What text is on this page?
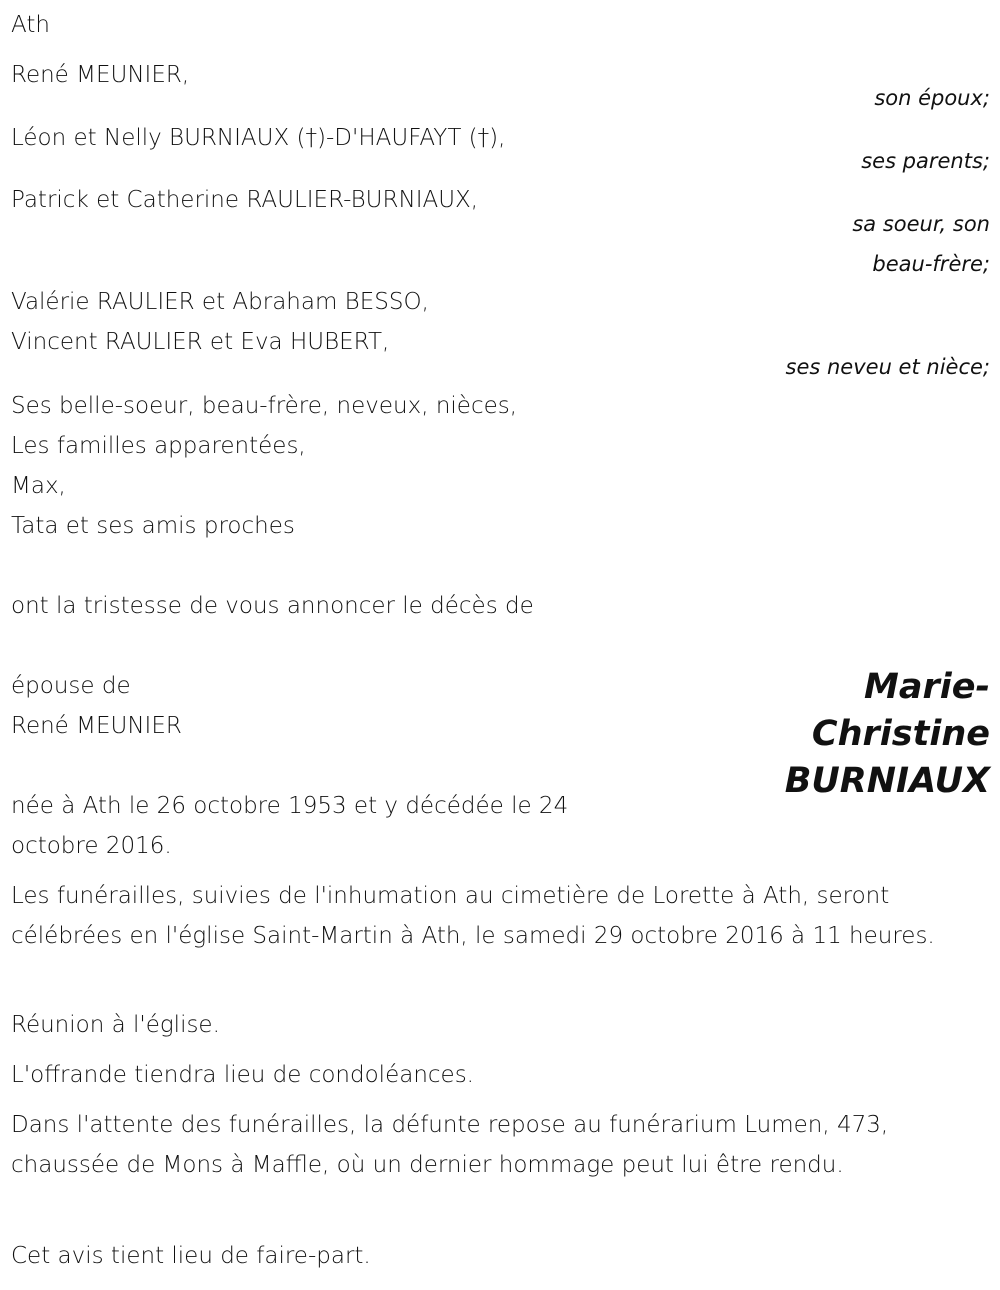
Ath
René MEUNIER,
son époux;
Léon et Nelly BURNIAUX (†)-D'HAUFAYT (†),
ses parents;
Patrick et Catherine RAULIER-BURNIAUX,
sa soeur, son
beau-frère;
Valérie RAULIER et Abraham BESSO,
Vincent RAULIER et Eva HUBERT,
ses neveu et nièce;
Ses belle-soeur, beau-frère, neveux, nièces,
Les familles apparentées,
Max,
Tata et ses amis proches
ont la tristesse de vous annoncer le décès de
épouse de
René MEUNIER
Marie-
Christine
BURNIAUX
née à Ath le 26 octobre 1953 et y décédée le 24
octobre 2016.
Les funérailles, suivies de l'inhumation au cimetière de Lorette à Ath, seront célébrées en l'église Saint-Martin à Ath, le samedi 29 octobre 2016 à 11 heures.
Réunion à l'église.
L'offrande tiendra lieu de condoléances.
Dans l'attente des funérailles, la défunte repose au funérarium Lumen, 473, chaussée de Mons à Maffle, où un dernier hommage peut lui être rendu.
Cet avis tient lieu de faire-part.
